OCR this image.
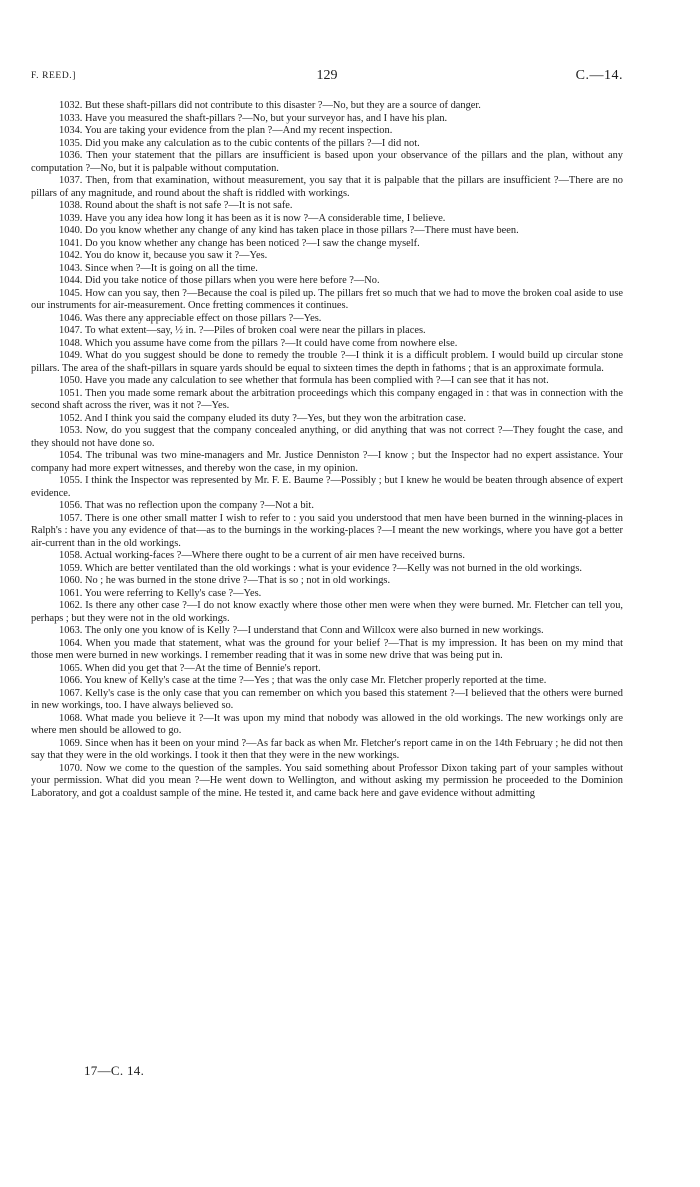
F. REED.]	129	C.—14.

1032. But these shaft-pillars did not contribute to this disaster ?—No, but they are a source of danger.

1033. Have you measured the shaft-pillars ?—No, but your surveyor has, and I have his plan.

1034. You are taking your evidence from the plan ?—And my recent inspection.

1035. Did you make any calculation as to the cubic contents of the pillars ?—I did not.

1036. Then your statement that the pillars are insufficient is based upon your observance of the pillars and the plan, without any computation ?—No, but it is palpable without computation.

1037. Then, from that examination, without measurement, you say that it is palpable that the pillars are insufficient ?—There are no pillars of any magnitude, and round about the shaft is riddled with workings.

1038. Round about the shaft is not safe ?—It is not safe.

1039. Have you any idea how long it has been as it is now ?—A considerable time, I believe.

1040. Do you know whether any change of any kind has taken place in those pillars ?—There must have been.

1041. Do you know whether any change has been noticed ?—I saw the change myself.

1042. You do know it, because you saw it ?—Yes.

1043. Since when ?—It is going on all the time.

1044. Did you take notice of those pillars when you were here before ?—No.

1045. How can you say, then ?—Because the coal is piled up. The pillars fret so much that we had to move the broken coal aside to use our instruments for air-measurement. Once fretting commences it continues.

1046. Was there any appreciable effect on those pillars ?—Yes.

1047. To what extent—say, ½ in. ?—Piles of broken coal were near the pillars in places.

1048. Which you assume have come from the pillars ?—It could have come from nowhere else.

1049. What do you suggest should be done to remedy the trouble ?—I think it is a difficult problem. I would build up circular stone pillars. The area of the shaft-pillars in square yards should be equal to sixteen times the depth in fathoms ; that is an approximate formula.

1050. Have you made any calculation to see whether that formula has been complied with ?—I can see that it has not.

1051. Then you made some remark about the arbitration proceedings which this company engaged in : that was in connection with the second shaft across the river, was it not ?—Yes.

1052. And I think you said the company eluded its duty ?—Yes, but they won the arbitration case.

1053. Now, do you suggest that the company concealed anything, or did anything that was not correct ?—They fought the case, and they should not have done so.

1054. The tribunal was two mine-managers and Mr. Justice Denniston ?—I know ; but the Inspector had no expert assistance. Your company had more expert witnesses, and thereby won the case, in my opinion.

1055. I think the Inspector was represented by Mr. F. E. Baume ?—Possibly ; but I knew he would be beaten through absence of expert evidence.

1056. That was no reflection upon the company ?—Not a bit.

1057. There is one other small matter I wish to refer to : you said you understood that men have been burned in the winning-places in Ralph's : have you any evidence of that—as to the burnings in the working-places ?—I meant the new workings, where you have got a better air-current than in the old workings.

1058. Actual working-faces ?—Where there ought to be a current of air men have received burns.

1059. Which are better ventilated than the old workings : what is your evidence ?—Kelly was not burned in the old workings.

1060. No ; he was burned in the stone drive ?—That is so ; not in old workings.

1061. You were referring to Kelly's case ?—Yes.

1062. Is there any other case ?—I do not know exactly where those other men were when they were burned. Mr. Fletcher can tell you, perhaps ; but they were not in the old workings.

1063. The only one you know of is Kelly ?—I understand that Conn and Willcox were also burned in new workings.

1064. When you made that statement, what was the ground for your belief ?—That is my impression. It has been on my mind that those men were burned in new workings. I remember reading that it was in some new drive that was being put in.

1065. When did you get that ?—At the time of Bennie's report.

1066. You knew of Kelly's case at the time ?—Yes ; that was the only case Mr. Fletcher properly reported at the time.

1067. Kelly's case is the only case that you can remember on which you based this statement ?—I believed that the others were burned in new workings, too. I have always believed so.

1068. What made you believe it ?—It was upon my mind that nobody was allowed in the old workings. The new workings only are where men should be allowed to go.

1069. Since when has it been on your mind ?—As far back as when Mr. Fletcher's report came in on the 14th February ; he did not then say that they were in the old workings. I took it then that they were in the new workings.

1070. Now we come to the question of the samples. You said something about Professor Dixon taking part of your samples without your permission. What did you mean ?—He went down to Wellington, and without asking my permission he proceeded to the Dominion Laboratory, and got a coaldust sample of the mine. He tested it, and came back here and gave evidence without admitting

17—C. 14.
